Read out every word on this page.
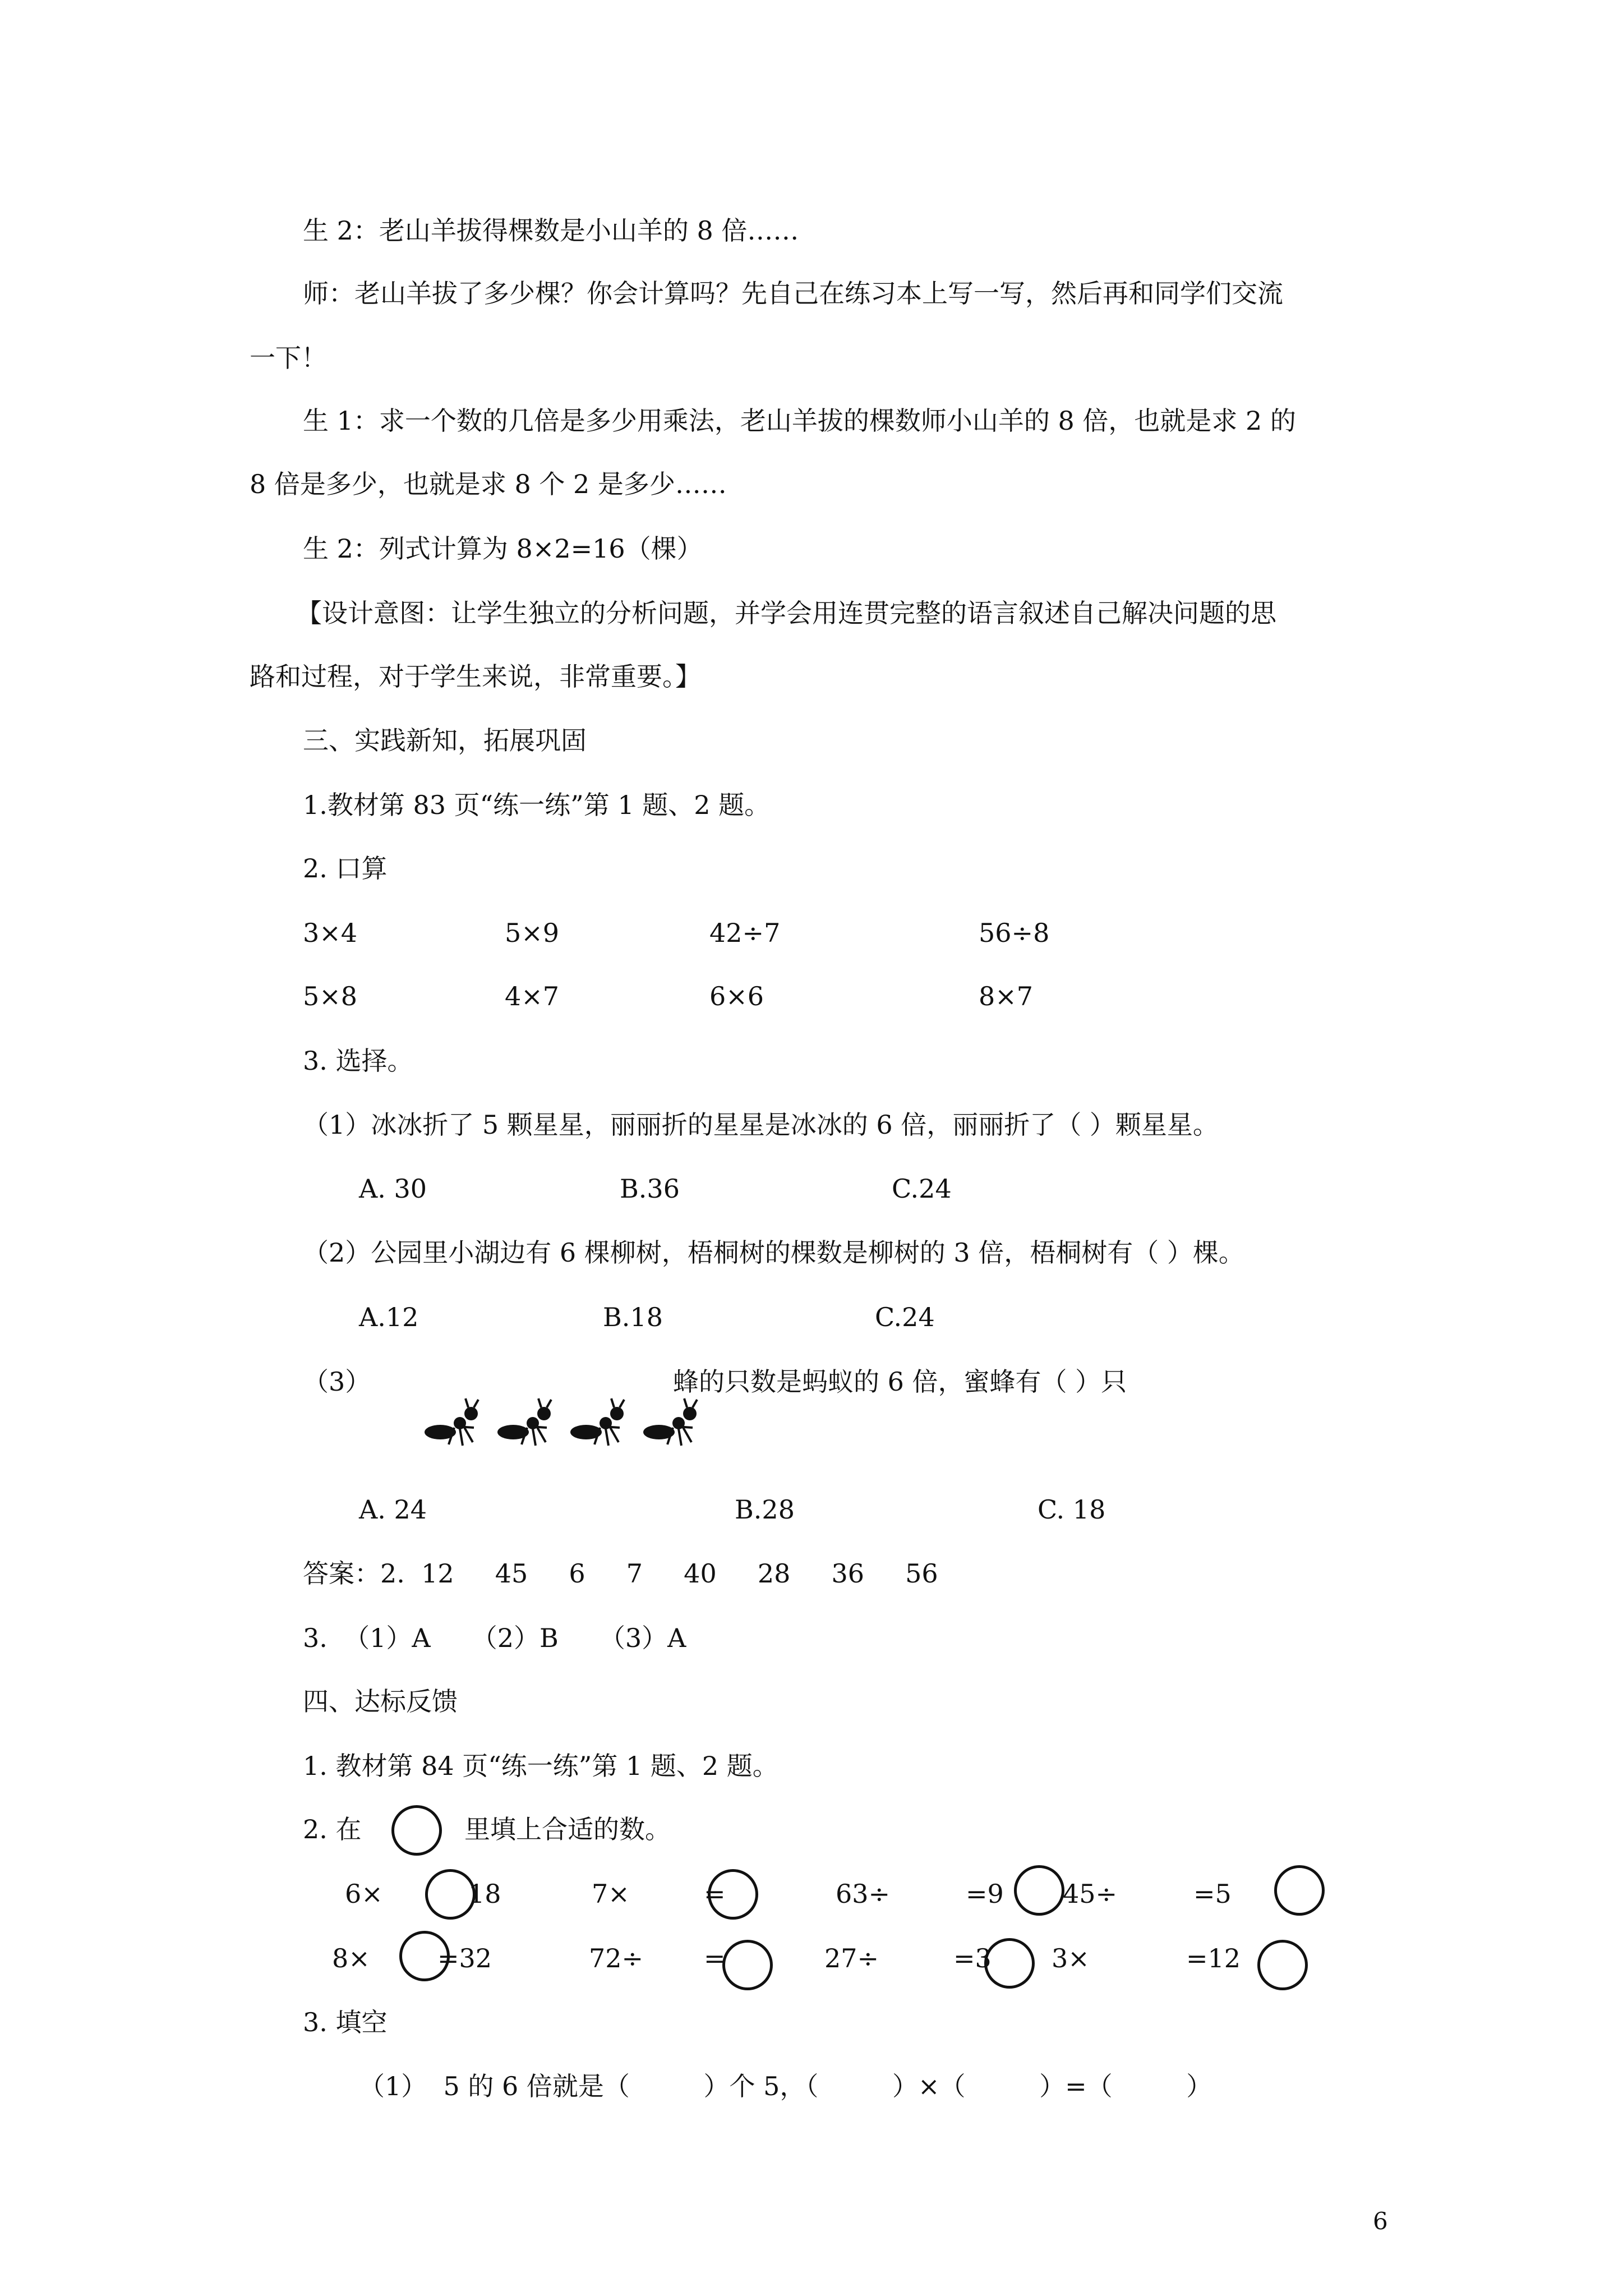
生 2：老山羊拔得棵数是小山羊的 8 倍……
师：老山羊拔了多少棵？你会计算吗？先自己在练习本上写一写，然后再和同学们交流
一下！
生 1：求一个数的几倍是多少用乘法，老山羊拔的棵数师小山羊的 8 倍，也就是求 2 的
8 倍是多少，也就是求 8 个 2 是多少……
生 2：列式计算为 8×2=16（棵）
【设计意图：让学生独立的分析问题，并学会用连贯完整的语言叙述自己解决问题的思
路和过程，对于学生来说，非常重要。】
三、实践新知，拓展巩固
1.教材第 83 页“练一练”第 1 题、2 题。
2. 口算
3×4	5×9	42÷7	56÷8
5×8	4×7	6×6	8×7
3. 选择。
（1）冰冰折了 5 颗星星，丽丽折的星星是冰冰的 6 倍，丽丽折了（ ）颗星星。
A. 30	B.36	C.24
（2）公园里小湖边有 6 棵柳树，梧桐树的棵数是柳树的 3 倍，梧桐树有（ ）棵。
A.12	B.18	C.24
（3）	蜂的只数是蚂蚁的 6 倍，蜜蜂有（ ）只
A. 24	B.28	C. 18
答案：2.  12     45     6     7     40     28     36     56
3.  （1）A     （2）B     （3）A
四、达标反馈
1. 教材第 84 页“练一练”第 1 题、2 题。
2. 在	里填上合适的数。
6×	18	7×	=	63÷	=9 45÷	=5
8×	=32	72÷ =	27÷	=3 3×	=12
3. 填空
（1）  5 的 6 倍就是（         ）个 5，（         ）×（         ）=（         ）
6
